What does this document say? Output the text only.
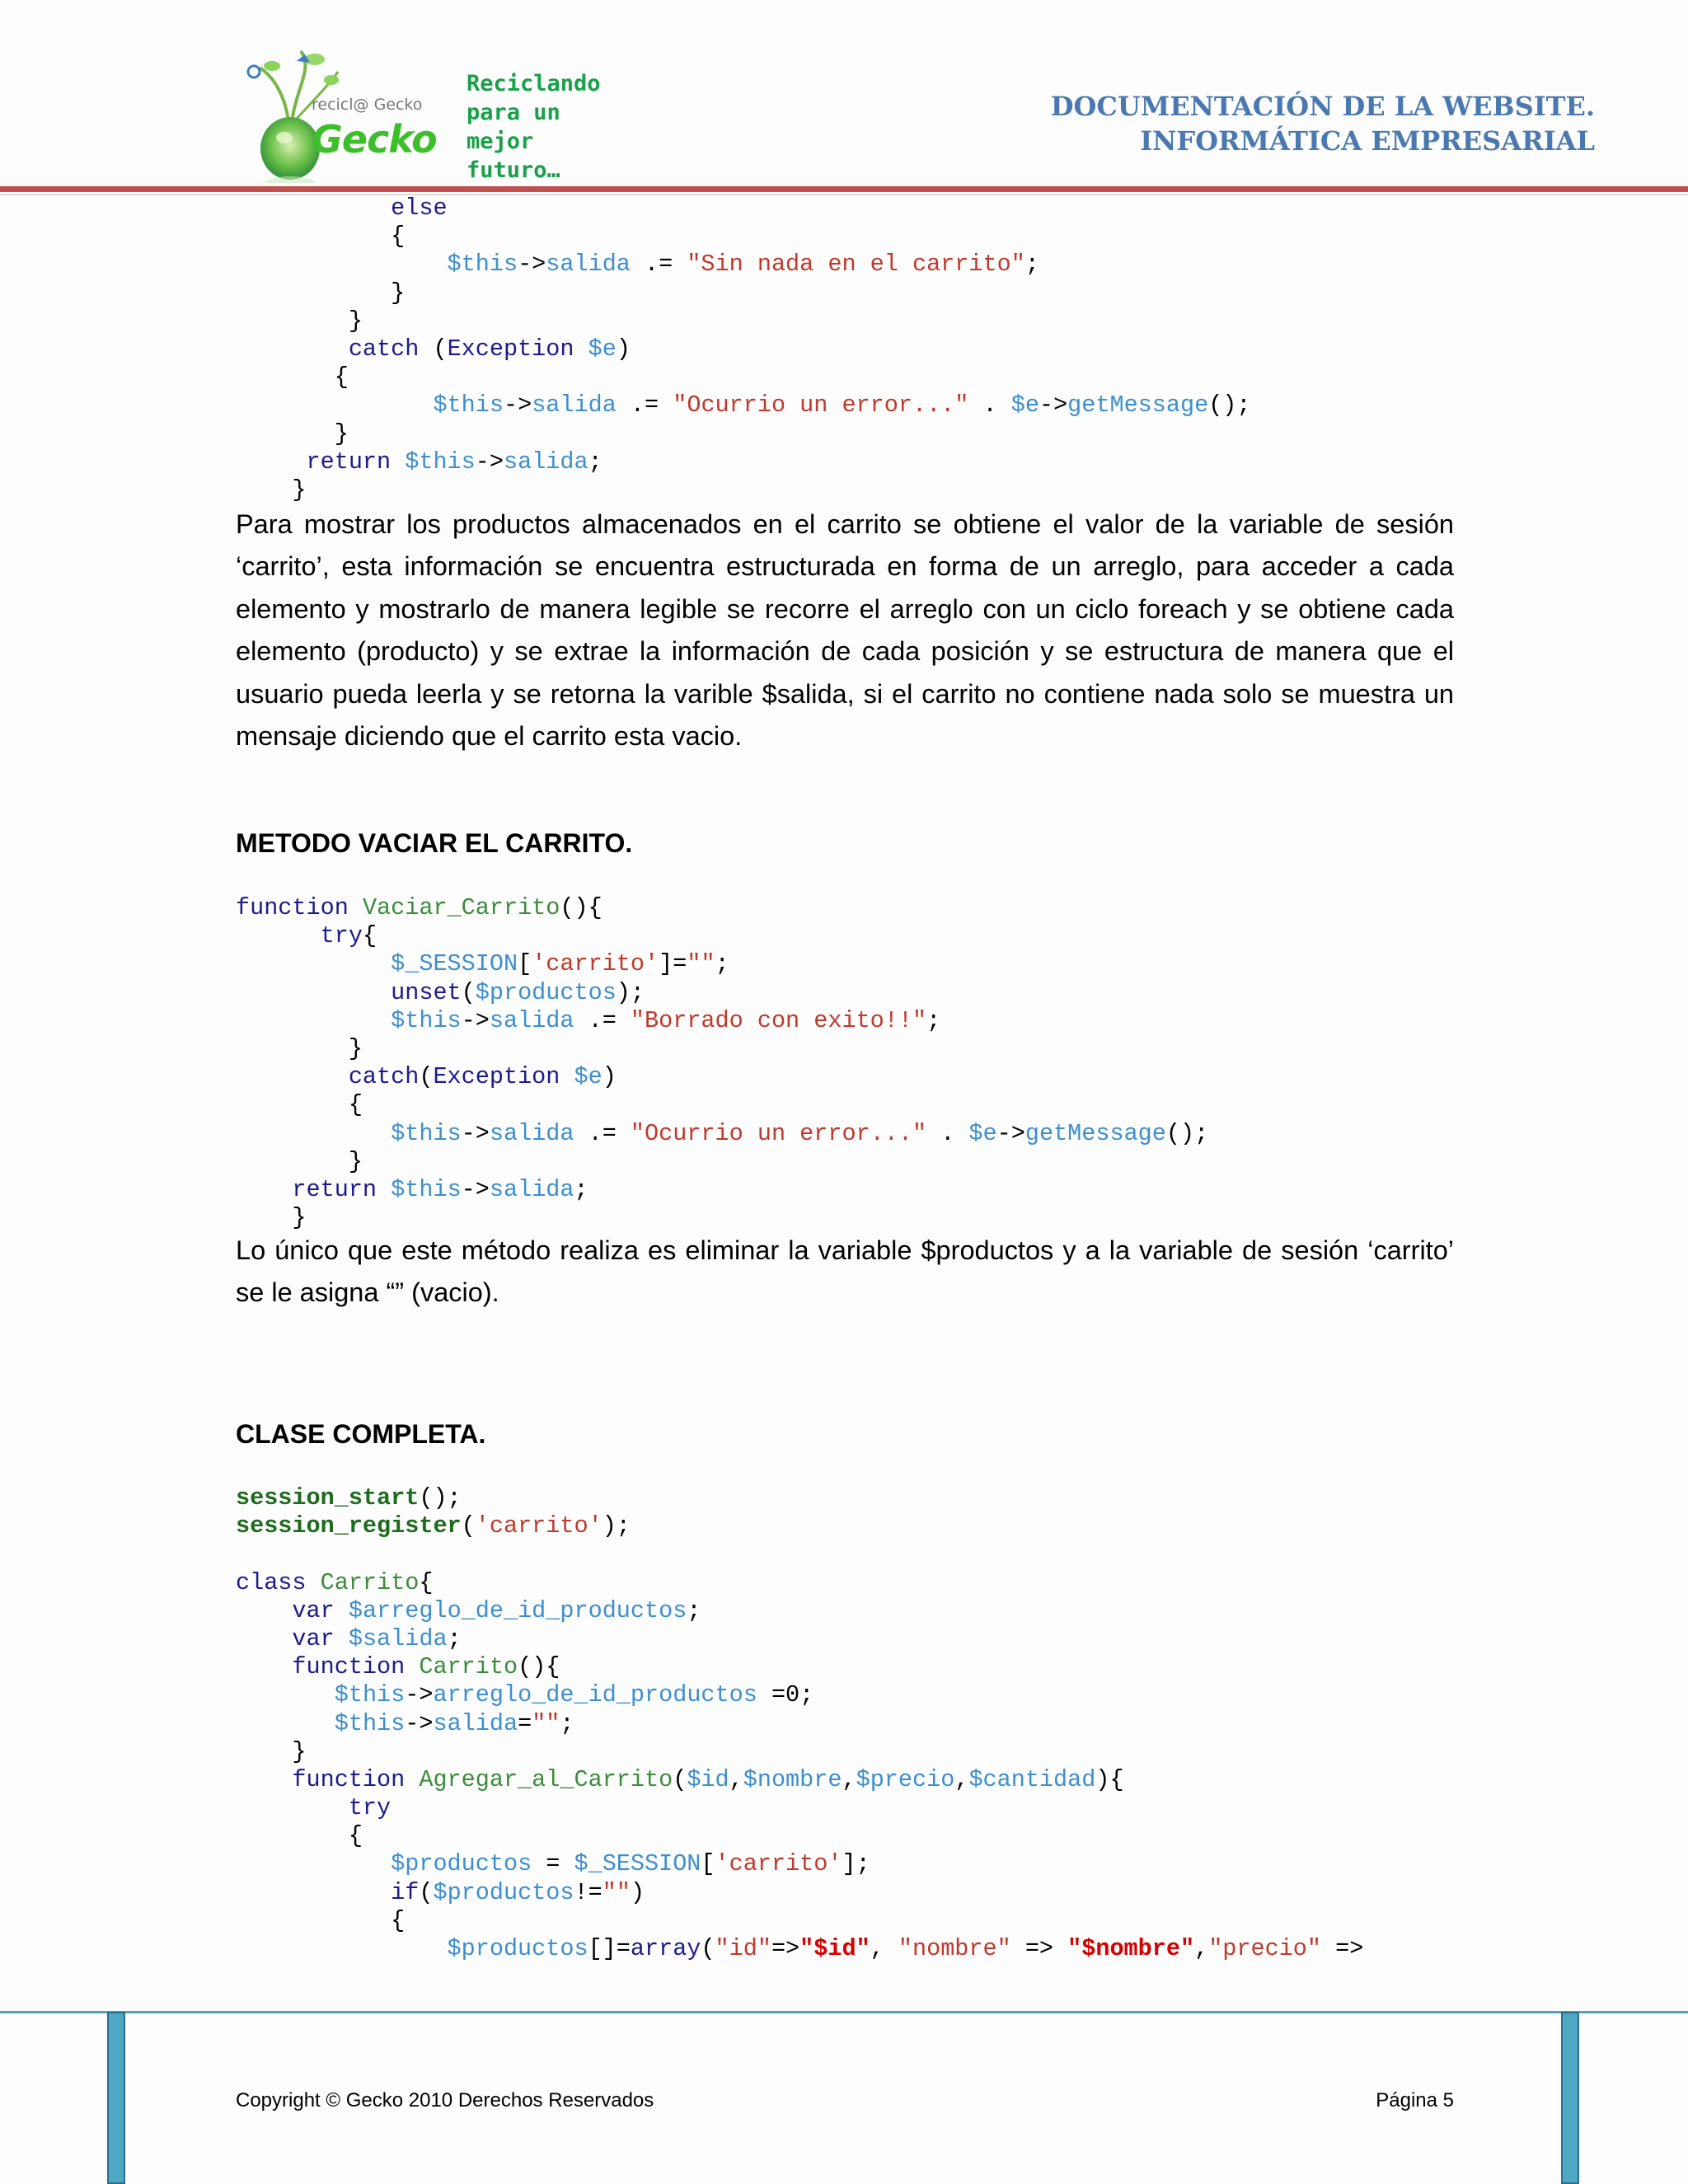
recicl@ Gecko
Gecko
Reciclando
para un
mejor
futuro…
DOCUMENTACIÓN DE LA WEBSITE.
INFORMÁTICA EMPRESARIAL
else
{
$this->salida .= "Sin nada en el carrito";
}
}
catch (Exception $e)
{
$this->salida .= "Ocurrio un error..." . $e->getMessage();
}
return $this->salida;
}

Para mostrar los productos almacenados en el carrito se obtiene el valor de la variable de sesión ‘carrito’, esta información se encuentra estructurada en forma de un arreglo, para acceder a cada elemento y mostrarlo de manera legible se recorre el arreglo con un ciclo foreach y se obtiene cada elemento (producto) y se extrae la información de cada posición y se estructura de manera que el usuario pueda leerla y se retorna la varible $salida, si el carrito no contiene nada solo se muestra un mensaje diciendo que el carrito esta vacio.

METODO VACIAR EL CARRITO.
function Vaciar_Carrito(){
try{
$_SESSION['carrito']="";
unset($productos);
$this->salida .= "Borrado con exito!!";
}
catch(Exception $e)
{
$this->salida .= "Ocurrio un error..." . $e->getMessage();
}
return $this->salida;
}

Lo único que este método realiza es eliminar la variable $productos y a la variable de sesión ‘carrito’ se le asigna “” (vacio).

CLASE COMPLETA.
session_start();
session_register('carrito');
class Carrito{
var $arreglo_de_id_productos;
var $salida;
function Carrito(){
$this->arreglo_de_id_productos =0;
$this->salida="";
}
function Agregar_al_Carrito($id,$nombre,$precio,$cantidad){
try
{
$productos = $_SESSION['carrito'];
if($productos!="")
{
$productos[]=array("id"=>"$id", "nombre" => "$nombre","precio" =>
Copyright © Gecko 2010 Derechos Reservados	Página 5
